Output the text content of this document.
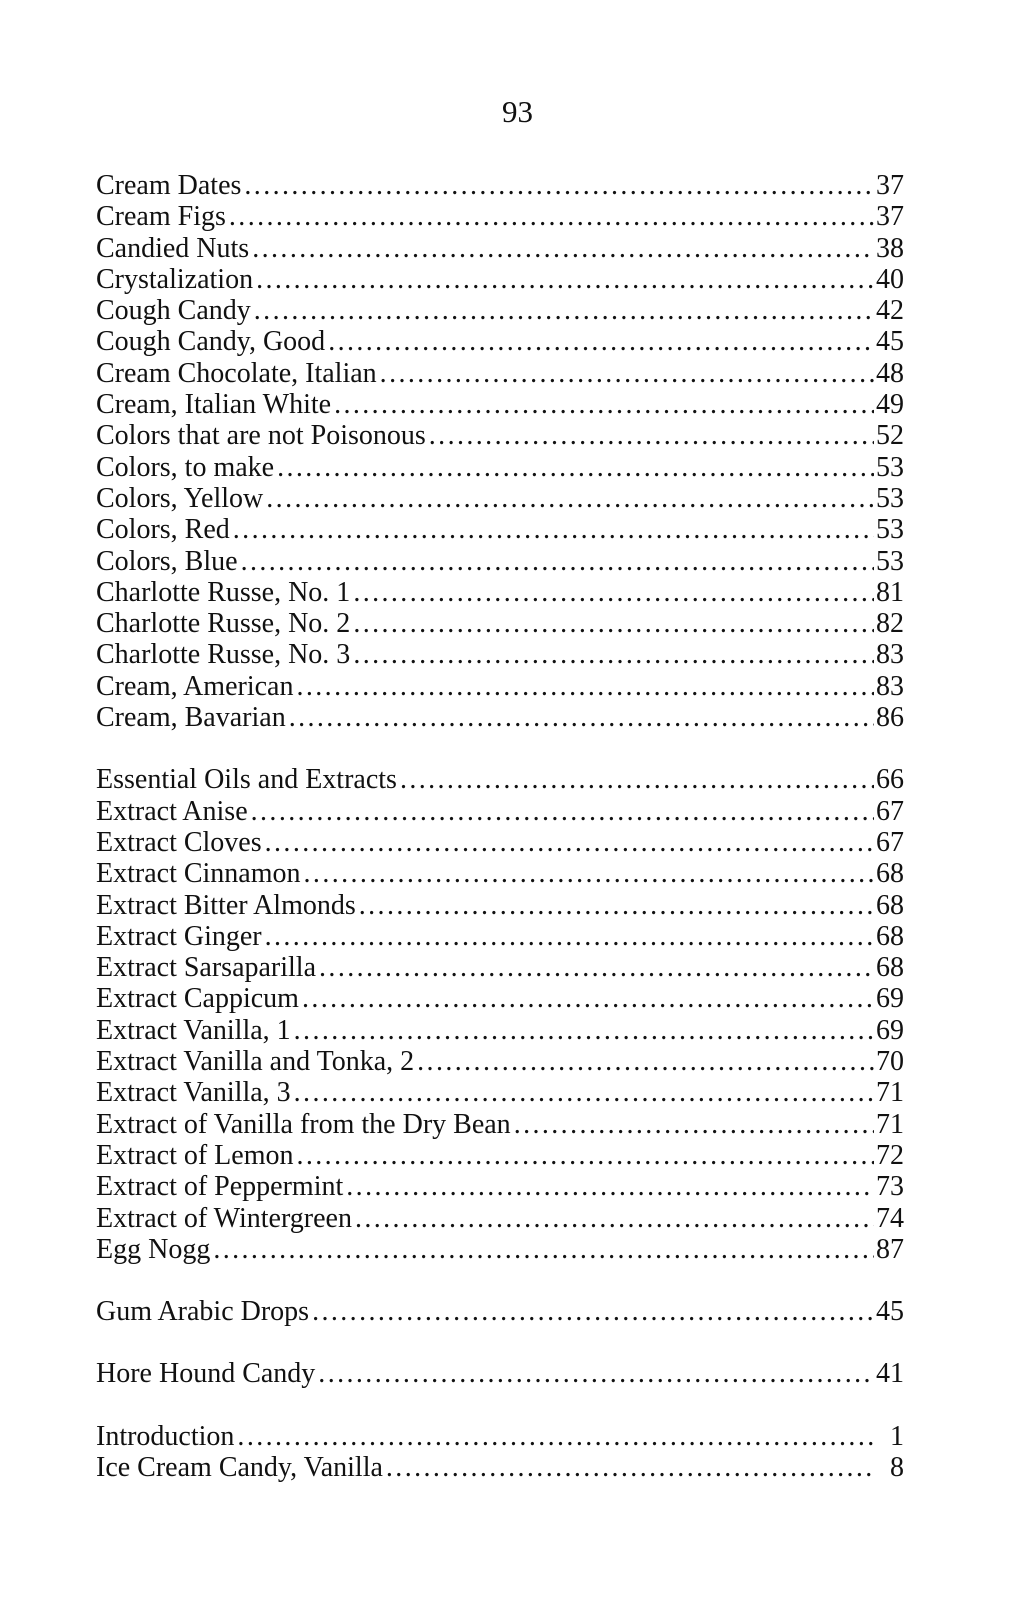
93
Cream Dates .....	37
Cream Figs .....	37
Candied Nuts .....	38
Crystalization .....	40
Cough Candy .....	42
Cough Candy, Good .....	45
Cream Chocolate, Italian .....	48
Cream, Italian White .....	49
Colors that are not Poisonous .....	52
Colors, to make .....	53
Colors, Yellow .....	53
Colors, Red .....	53
Colors, Blue .....	53
Charlotte Russe, No. 1 .....	81
Charlotte Russe, No. 2 .....	82
Charlotte Russe, No. 3 .....	83
Cream, American .....	83
Cream, Bavarian .....	86
Essential Oils and Extracts .....	66
Extract Anise .....	67
Extract Cloves .....	67
Extract Cinnamon .....	68
Extract Bitter Almonds .....	68
Extract Ginger .....	68
Extract Sarsaparilla .....	68
Extract Cappicum .....	69
Extract Vanilla, 1 .....	69
Extract Vanilla and Tonka, 2 .....	70
Extract Vanilla, 3 .....	71
Extract of Vanilla from the Dry Bean .....	71
Extract of Lemon .....	72
Extract of Peppermint .....	73
Extract of Wintergreen .....	74
Egg Nogg .....	87
Gum Arabic Drops .....	45
Hore Hound Candy .....	41
Introduction .....	1
Ice Cream Candy, Vanilla .....	8
